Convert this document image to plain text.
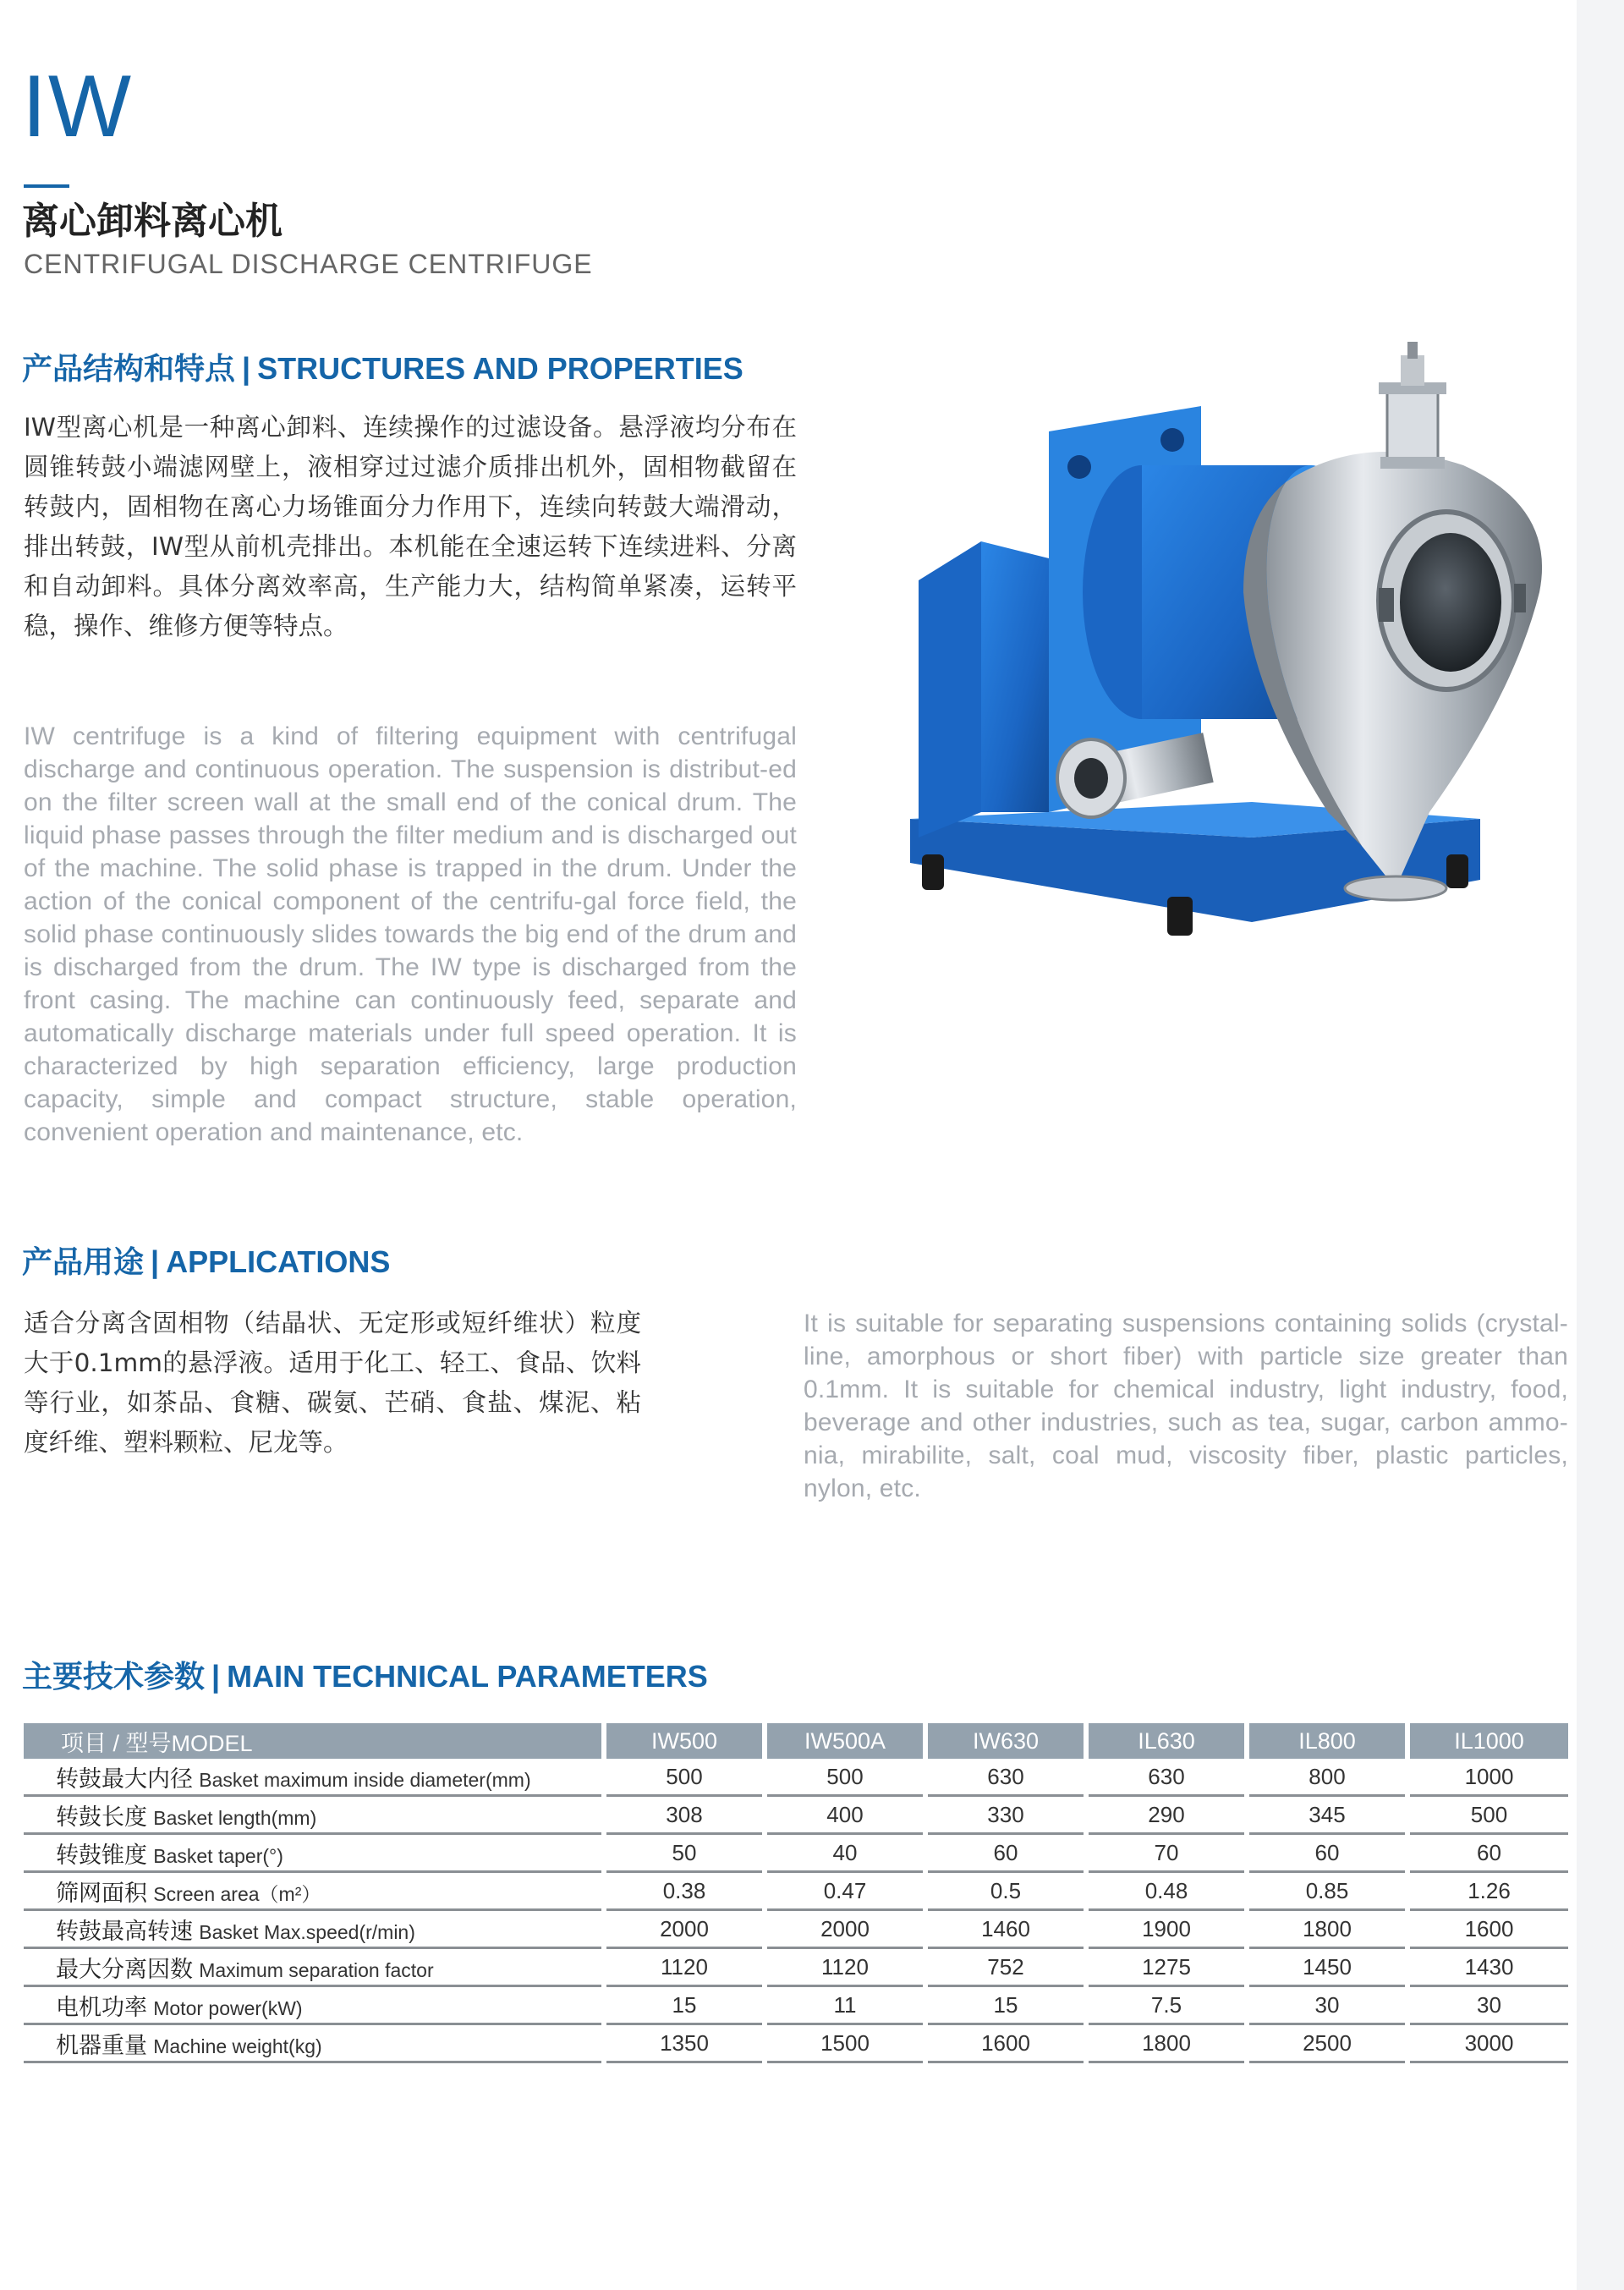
IW
离心卸料离心机
CENTRIFUGAL DISCHARGE CENTRIFUGE
产品结构和特点 | STRUCTURES AND PROPERTIES
IW型离心机是一种离心卸料、连续操作的过滤设备。悬浮液均分布在圆锥转鼓小端滤网壁上，液相穿过过滤介质排出机外，固相物截留在转鼓内，固相物在离心力场锥面分力作用下，连续向转鼓大端滑动，排出转鼓，IW型从前机壳排出。本机能在全速运转下连续进料、分离和自动卸料。具体分离效率高，生产能力大，结构简单紧凑，运转平稳，操作、维修方便等特点。
IW centrifuge is a kind of filtering equipment with centrifugal discharge and continuous operation. The suspension is distribut-ed on the filter screen wall at the small end of the conical drum. The liquid phase passes through the filter medium and is discharged out of the machine. The solid phase is trapped in the drum. Under the action of the conical component of the centrifu-gal force field, the solid phase continuously slides towards the big end of the drum and is discharged from the drum. The IW type is discharged from the front casing. The machine can continuously feed, separate and automatically discharge materials under full speed operation. It is characterized by high separation efficiency, large production capacity, simple and compact structure, stable operation, convenient operation and maintenance, etc.
产品用途 | APPLICATIONS
适合分离含固相物（结晶状、无定形或短纤维状）粒度大于0.1mm的悬浮液。适用于化工、轻工、食品、饮料等行业，如茶品、食糖、碳氨、芒硝、食盐、煤泥、粘度纤维、塑料颗粒、尼龙等。
It is suitable for separating suspensions containing solids (crystal-line, amorphous or short fiber) with particle size greater than 0.1mm. It is suitable for chemical industry, light industry, food, beverage and other industries, such as tea, sugar, carbon ammo-nia, mirabilite, salt, coal mud, viscosity fiber, plastic particles, nylon, etc.
主要技术参数 | MAIN TECHNICAL PARAMETERS
项目 / 型号MODEL	IW500	IW500A	IW630	IL630	IL800	IL1000
转鼓最大内径 Basket maximum inside diameter(mm)	500	500	630	630	800	1000
转鼓长度 Basket length(mm)	308	400	330	290	345	500
转鼓锥度 Basket taper(°)	50	40	60	70	60	60
筛网面积 Screen area（m²）	0.38	0.47	0.5	0.48	0.85	1.26
转鼓最高转速 Basket Max.speed(r/min)	2000	2000	1460	1900	1800	1600
最大分离因数 Maximum separation factor	1120	1120	752	1275	1450	1430
电机功率 Motor power(kW)	15	11	15	7.5	30	30
机器重量 Machine weight(kg)	1350	1500	1600	1800	2500	3000
